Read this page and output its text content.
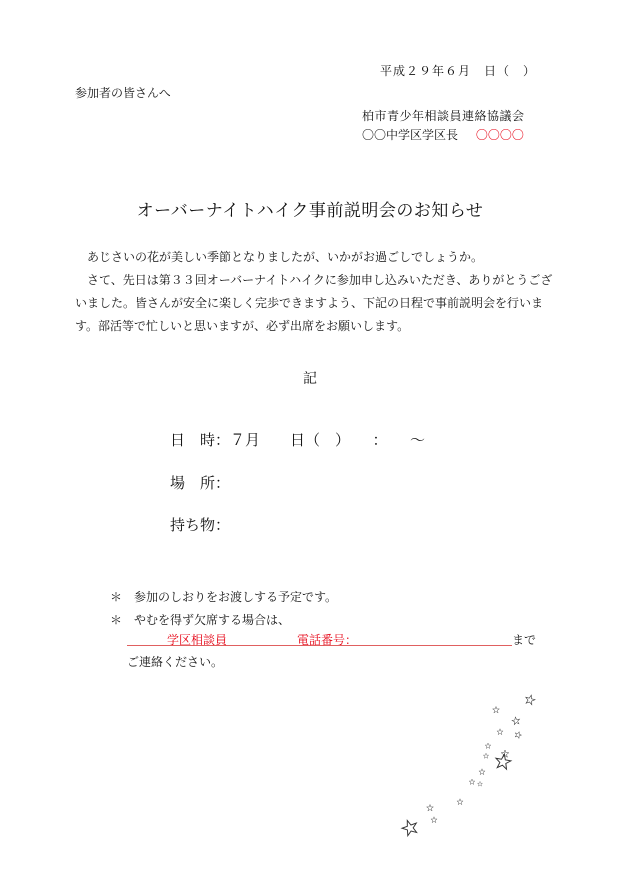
平成２９年６月　日（　）
参加者の皆さんへ
柏市青少年相談員連絡協議会
〇〇中学区学区長 〇〇〇〇
オーバーナイトハイク事前説明会のお知らせ

あじさいの花が美しい季節となりましたが、いかがお過ごしでしょうか。

さて、先日は第３３回オーバーナイトハイクに参加申し込みいただき、ありがとうございました。皆さんが安全に楽しく完歩できますよう、下記の日程で事前説明会を行います。部活等で忙しいと思いますが、必ず出席をお願いします。

記
日　時：７月　　日（　）　　：　　～
場　所：
持ち物：
＊　参加のしおりをお渡しする予定です。
＊　やむを得ず欠席する場合は、
学区相談員	電話番号：	まで
ご連絡ください。
